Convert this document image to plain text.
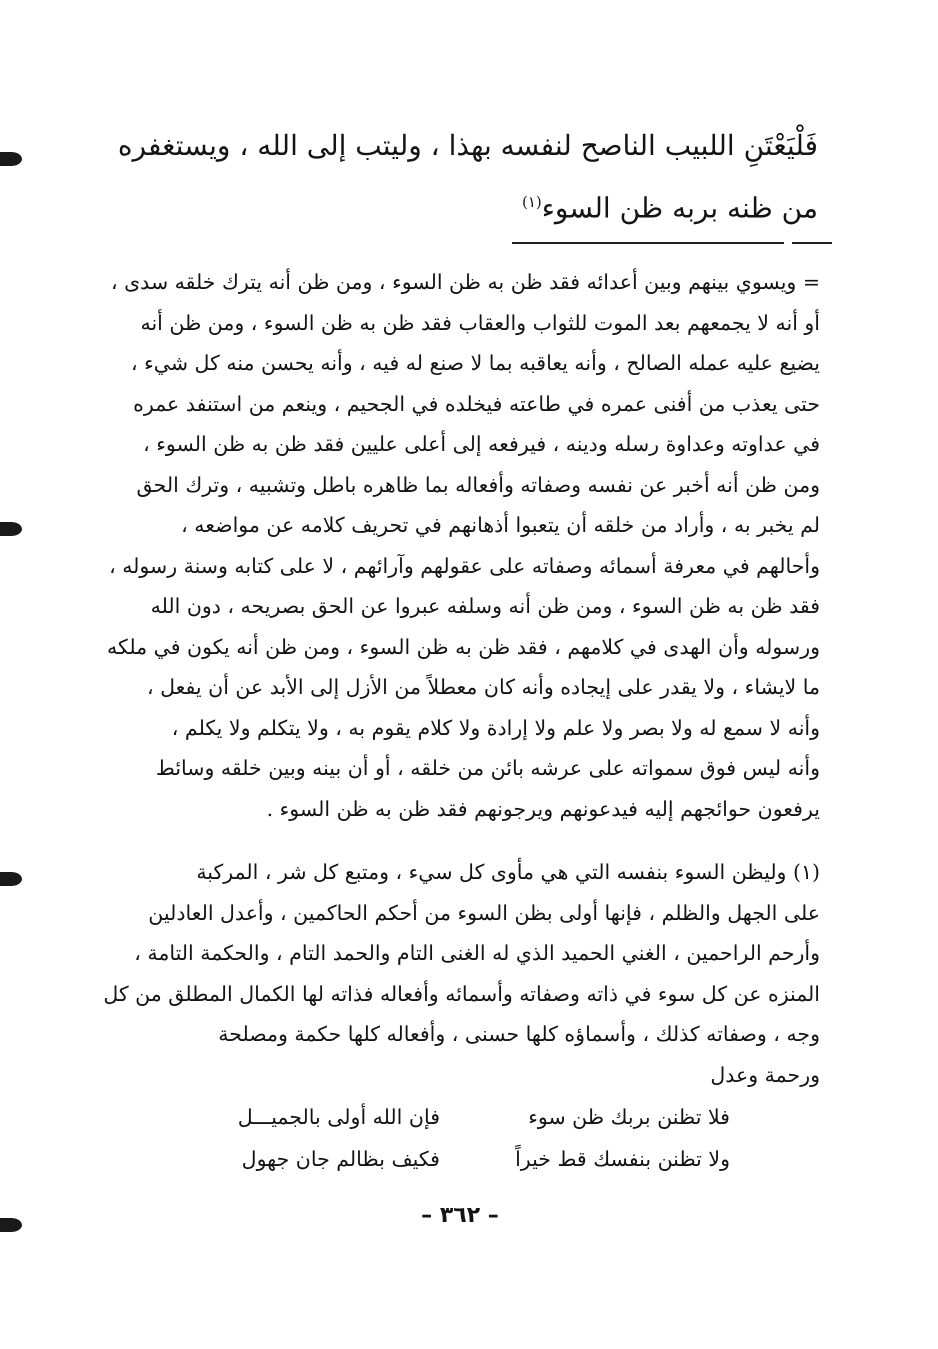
فَلْيَعْتَنِ اللبيب الناصح لنفسه بهذا ، وليتب إلى الله ، ويستغفره
من ظنه بربه ظن السوء$^{(١)}$
= ويسوي بينهم وبين أعدائه فقد ظن به ظن السوء ، ومن ظن أنه يترك خلقه سدى ،
أو أنه لا يجمعهم بعد الموت للثواب والعقاب فقد ظن به ظن السوء ، ومن ظن أنه
يضيع عليه عمله الصالح ، وأنه يعاقبه بما لا صنع له فيه ، وأنه يحسن منه كل شيء ،
حتى يعذب من أفنى عمره في طاعته فيخلده في الجحيم ، وينعم من استنفد عمره
في عداوته وعداوة رسله ودينه ، فيرفعه إلى أعلى عليين فقد ظن به ظن السوء ،
ومن ظن أنه أخبر عن نفسه وصفاته وأفعاله بما ظاهره باطل وتشبيه ، وترك الحق
لم يخبر به ، وأراد من خلقه أن يتعبوا أذهانهم في تحريف كلامه عن مواضعه ،
وأحالهم في معرفة أسمائه وصفاته على عقولهم وآرائهم ، لا على كتابه وسنة رسوله ،
فقد ظن به ظن السوء ، ومن ظن أنه وسلفه عبروا عن الحق بصريحه ، دون الله
ورسوله وأن الهدى في كلامهم ، فقد ظن به ظن السوء ، ومن ظن أنه يكون في ملكه
ما لايشاء ، ولا يقدر على إيجاده وأنه كان معطلاً من الأزل إلى الأبد عن أن يفعل ،
وأنه لا سمع له ولا بصر ولا علم ولا إرادة ولا كلام يقوم به ، ولا يتكلم ولا يكلم ،
وأنه ليس فوق سمواته على عرشه بائن من خلقه ، أو أن بينه وبين خلقه وسائط
يرفعون حوائجهم إليه فيدعونهم ويرجونهم فقد ظن به ظن السوء .
(١) وليظن السوء بنفسه التي هي مأوى كل سيء ، ومتبع كل شر ، المركبة
على الجهل والظلم ، فإنها أولى بظن السوء من أحكم الحاكمين ، وأعدل العادلين
وأرحم الراحمين ، الغني الحميد الذي له الغنى التام والحمد التام ، والحكمة التامة ،
المنزه عن كل سوء في ذاته وصفاته وأسمائه وأفعاله فذاته لها الكمال المطلق من كل
وجه ، وصفاته كذلك ، وأسماؤه كلها حسنى ، وأفعاله كلها حكمة ومصلحة
ورحمة وعدل
فلا تظنن بربك ظن سوء
فإن الله أولى بالجميـــل
ولا تظنن بنفسك قط خيراً
فكيف بظالم جان جهول
– ٣٦٢ –
